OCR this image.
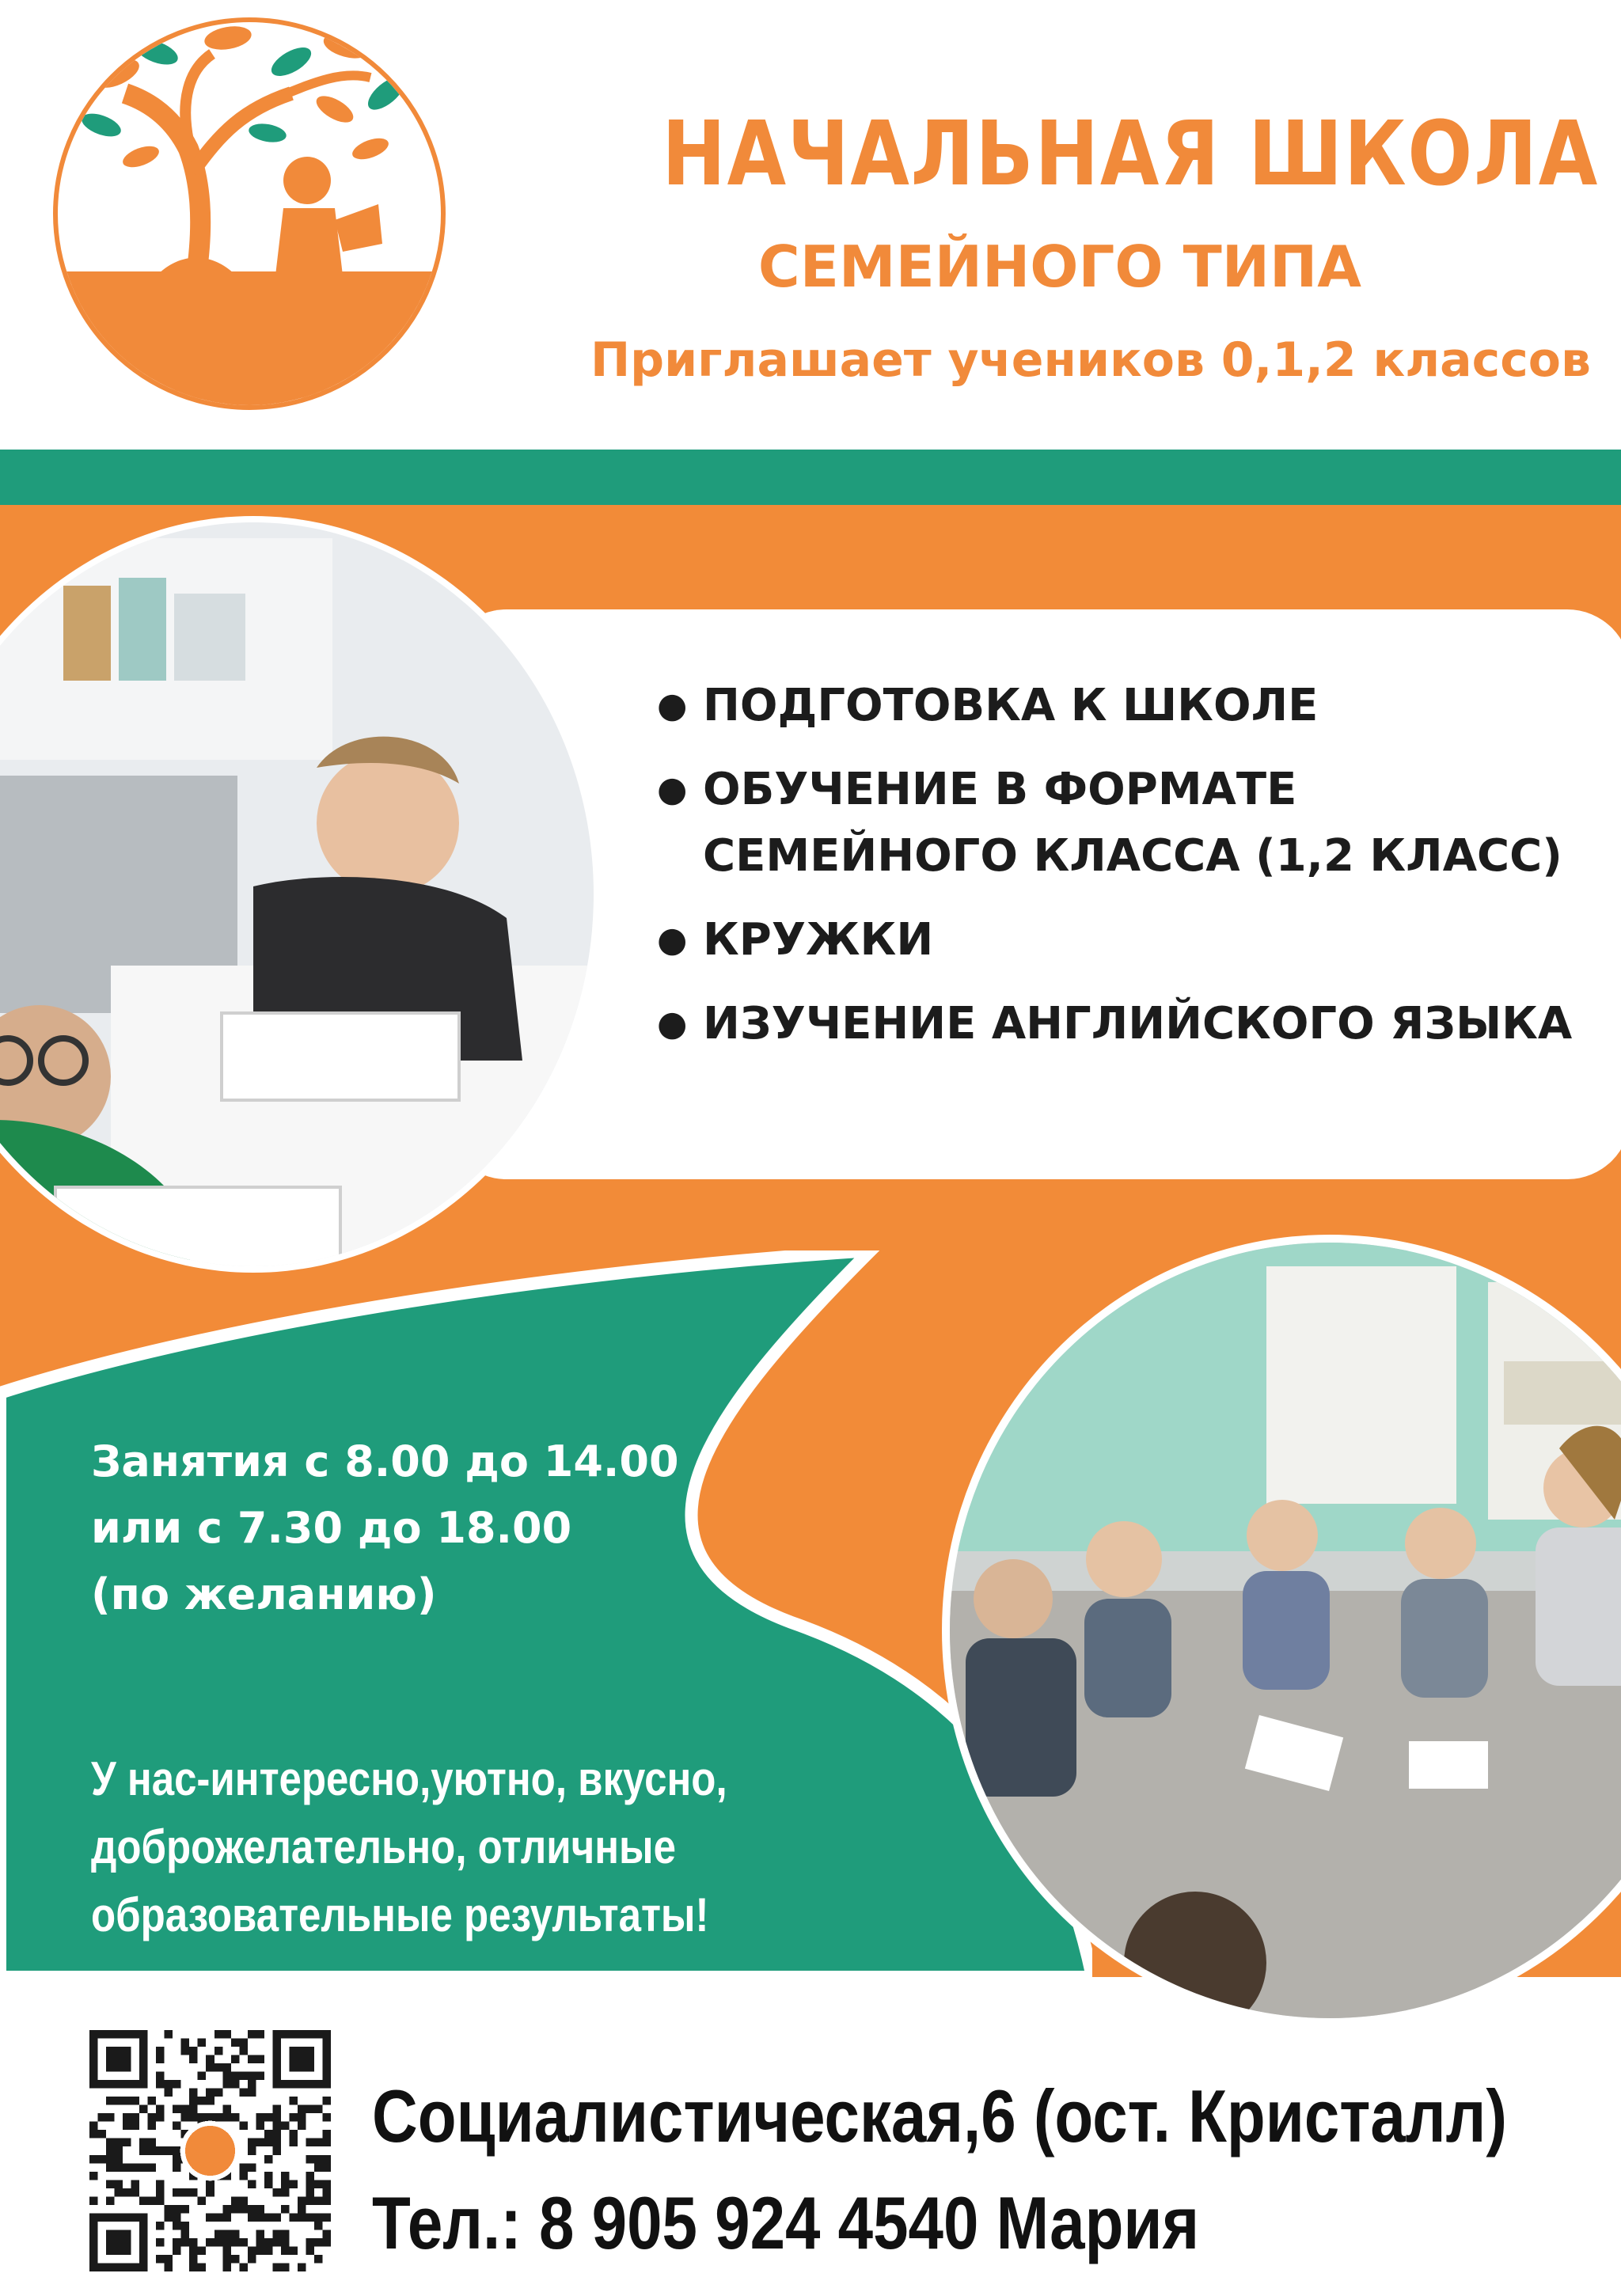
НАЧАЛЬНАЯ ШКОЛА
СЕМЕЙНОГО ТИПА
Приглашает учеников 0,1,2 классов
● ПОДГОТОВКА К ШКОЛЕ
● ОБУЧЕНИЕ В ФОРМАТЕ СЕМЕЙНОГО КЛАССА (1,2 КЛАСС)
● КРУЖКИ
● ИЗУЧЕНИЕ АНГЛИЙСКОГО ЯЗЫКА
Занятия с 8.00 до 14.00
или с 7.30 до 18.00
(по желанию)
У нас-интересно,уютно, вкусно,
доброжелательно, отличные
образовательные результаты!
Социалистическая,6 (ост. Кристалл)
Тел.: 8 905 924 4540 Мария
